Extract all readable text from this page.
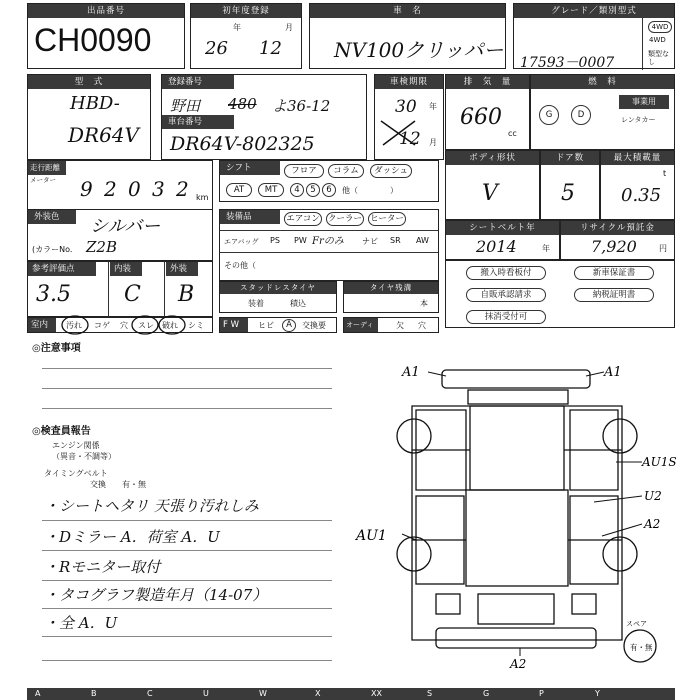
出品番号
CH0090
初年度登録
年	月
26 12
車　名
NV100クリッパー
グレード／類別型式
4WD
4WD
類型なし
17593－0007
型　式
HBD-
DR64V
登録番号
野田 480 よ36-12
車台番号
DR64V-802325
車検期限
30 年
12 月
排　気　量
660
cc
燃　料
G	D
事業用
レンタカー
走行距離
メーター 9 2 0 3 2 km
シフト	フロア	コラム	ダッシュ
AT	MT	4	5	6	他（　　　　）
ボディ形状
V
ドア数
5
最大積載量
t
0.35
外装色	シルバー
(カラーNo. Z2B
装備品	エアコン クーラー ヒーター
エアバッグ PS PW Frのみ ナビ SR AW
その他（
シートベルト年
2014	年
リサイクル預託金
7,920	円
参考評価点	内装	外装
3.5 C B	スタッドレスタイヤ
装着	積込
タイヤ残溝
本
搬入時看板付	新車保証書
自販承認請求	納税証明書
抹消受付可
室内	汚れ コゲ 穴 スレ 破れ シミ	F W	ヒビ	A	交換要	オーディオ
欠 穴
◎注意事項
◎検査員報告
エンジン関係
（異音・不調等）
タイミングベルト
交換　　有・無
・シートヘタリ 天張り汚れしみ
・Dミラー A．荷室 A．U
・Rモニター取付
・タコグラフ製造年月（14-07）
・全 A．U
A1	A1
AU1S
U2
A2
AU1
A2
スペア
有・無
A	B	C	U	W	X	XX	S	G	P	Y
